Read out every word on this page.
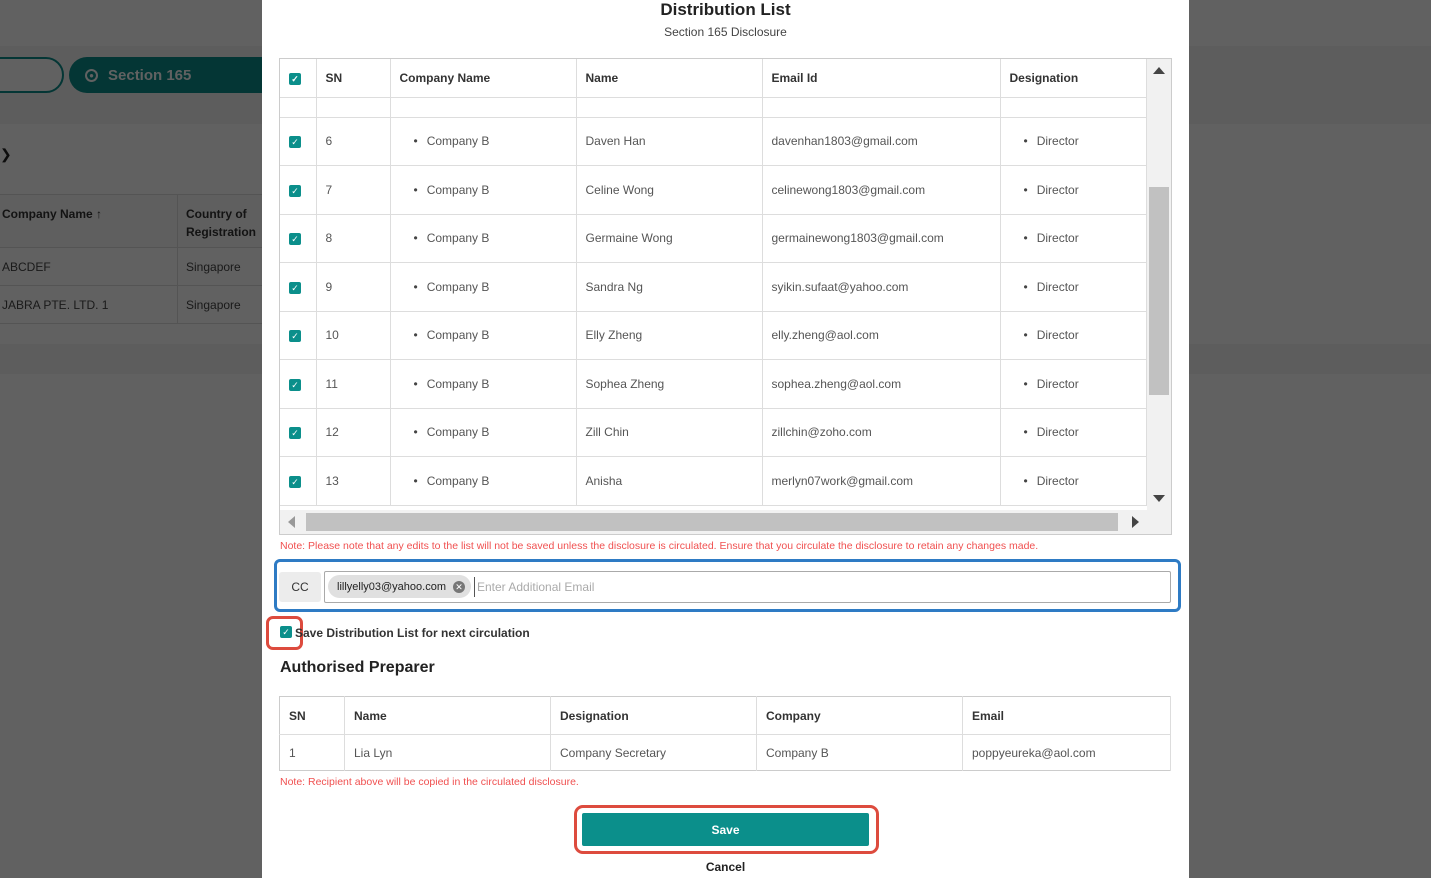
Distribution List
Section 165 Disclosure
✓	SN	Company Name	Name	Email Id	Designation

✓	6	• Company B	Daven Han	davenhan1803@gmail.com	• Director
✓	7	• Company B	Celine Wong	celinewong1803@gmail.com	• Director
✓	8	• Company B	Germaine Wong	germainewong1803@gmail.com	• Director
✓	9	• Company B	Sandra Ng	syikin.sufaat@yahoo.com	• Director
✓	10	• Company B	Elly Zheng	elly.zheng@aol.com	• Director
✓	11	• Company B	Sophea Zheng	sophea.zheng@aol.com	• Director
✓	12	• Company B	Zill Chin	zillchin@zoho.com	• Director
✓	13	• Company B	Anisha	merlyn07work@gmail.com	• Director
Note: Please note that any edits to the list will not be saved unless the disclosure is circulated. Ensure that you circulate the disclosure to retain any changes made.
CC	lillyelly03@yahoo.com ✕
Enter Additional Email
✓ Save Distribution List for next circulation
Authorised Preparer
SN	Name	Designation	Company	Email
1	Lia Lyn	Company Secretary	Company B	poppyeureka@aol.com
Note: Recipient above will be copied in the circulated disclosure.
Save
Cancel
